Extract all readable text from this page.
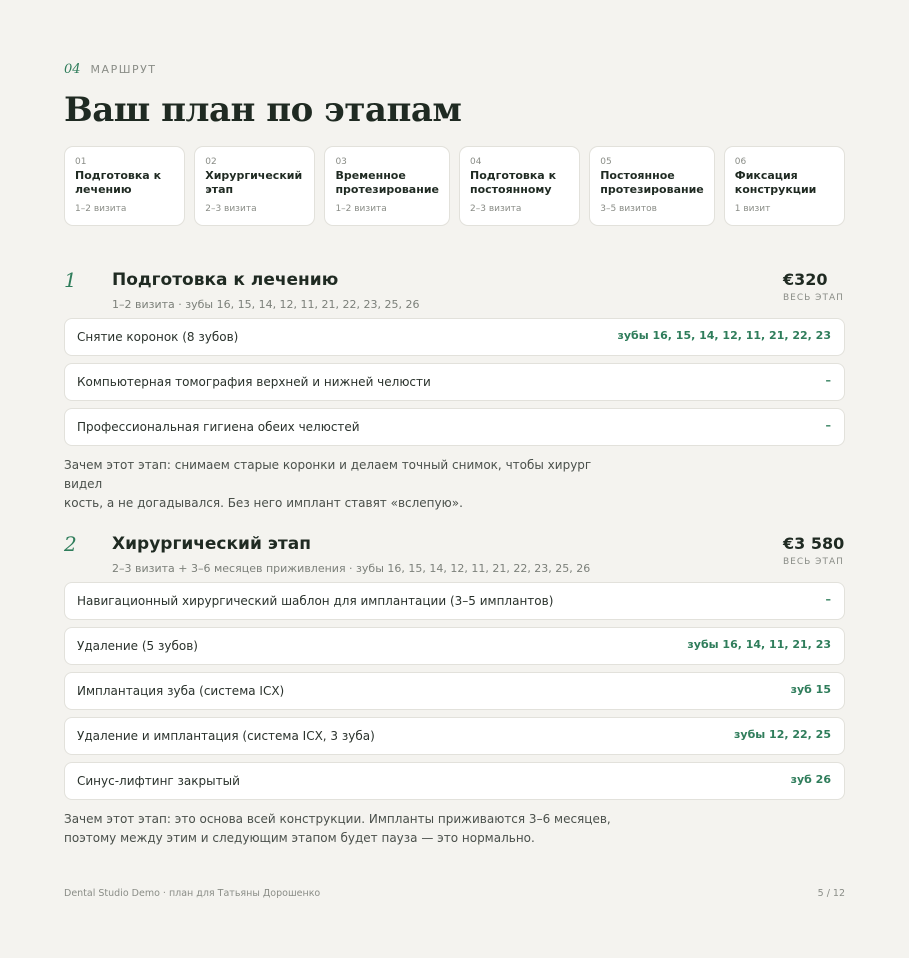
04 МАРШРУТ
Ваш план по этапам
01
Подготовка к лечению
1–2 визита
02
Хирургический этап
2–3 визита
03
Временное протезирование
1–2 визита
04
Подготовка к постоянному
2–3 визита
05
Постоянное протезирование
3–5 визитов
06
Фиксация конструкции
1 визит
1 Подготовка к лечению
1–2 визита · зубы 16, 15, 14, 12, 11, 21, 22, 23, 25, 26
€320
ВЕСЬ ЭТАП
Снятие коронок (8 зубов)	зубы 16, 15, 14, 12, 11, 21, 22, 23
Компьютерная томография верхней и нижней челюсти	–
Профессиональная гигиена обеих челюстей	–
Зачем этот этап: снимаем старые коронки и делаем точный снимок, чтобы хирург видел
кость, а не догадывался. Без него имплант ставят «вслепую».
2 Хирургический этап
2–3 визита + 3–6 месяцев приживления · зубы 16, 15, 14, 12, 11, 21, 22, 23, 25, 26
€3 580
ВЕСЬ ЭТАП
Навигационный хирургический шаблон для имплантации (3–5 имплантов)	–
Удаление (5 зубов)	зубы 16, 14, 11, 21, 23
Имплантация зуба (система ICX)	зуб 15
Удаление и имплантация (система ICX, 3 зуба)	зубы 12, 22, 25
Синус-лифтинг закрытый	зуб 26
Зачем этот этап: это основа всей конструкции. Импланты приживаются 3–6 месяцев,
поэтому между этим и следующим этапом будет пауза — это нормально.
Dental Studio Demo · план для Татьяны Дорошенко	5 / 12
